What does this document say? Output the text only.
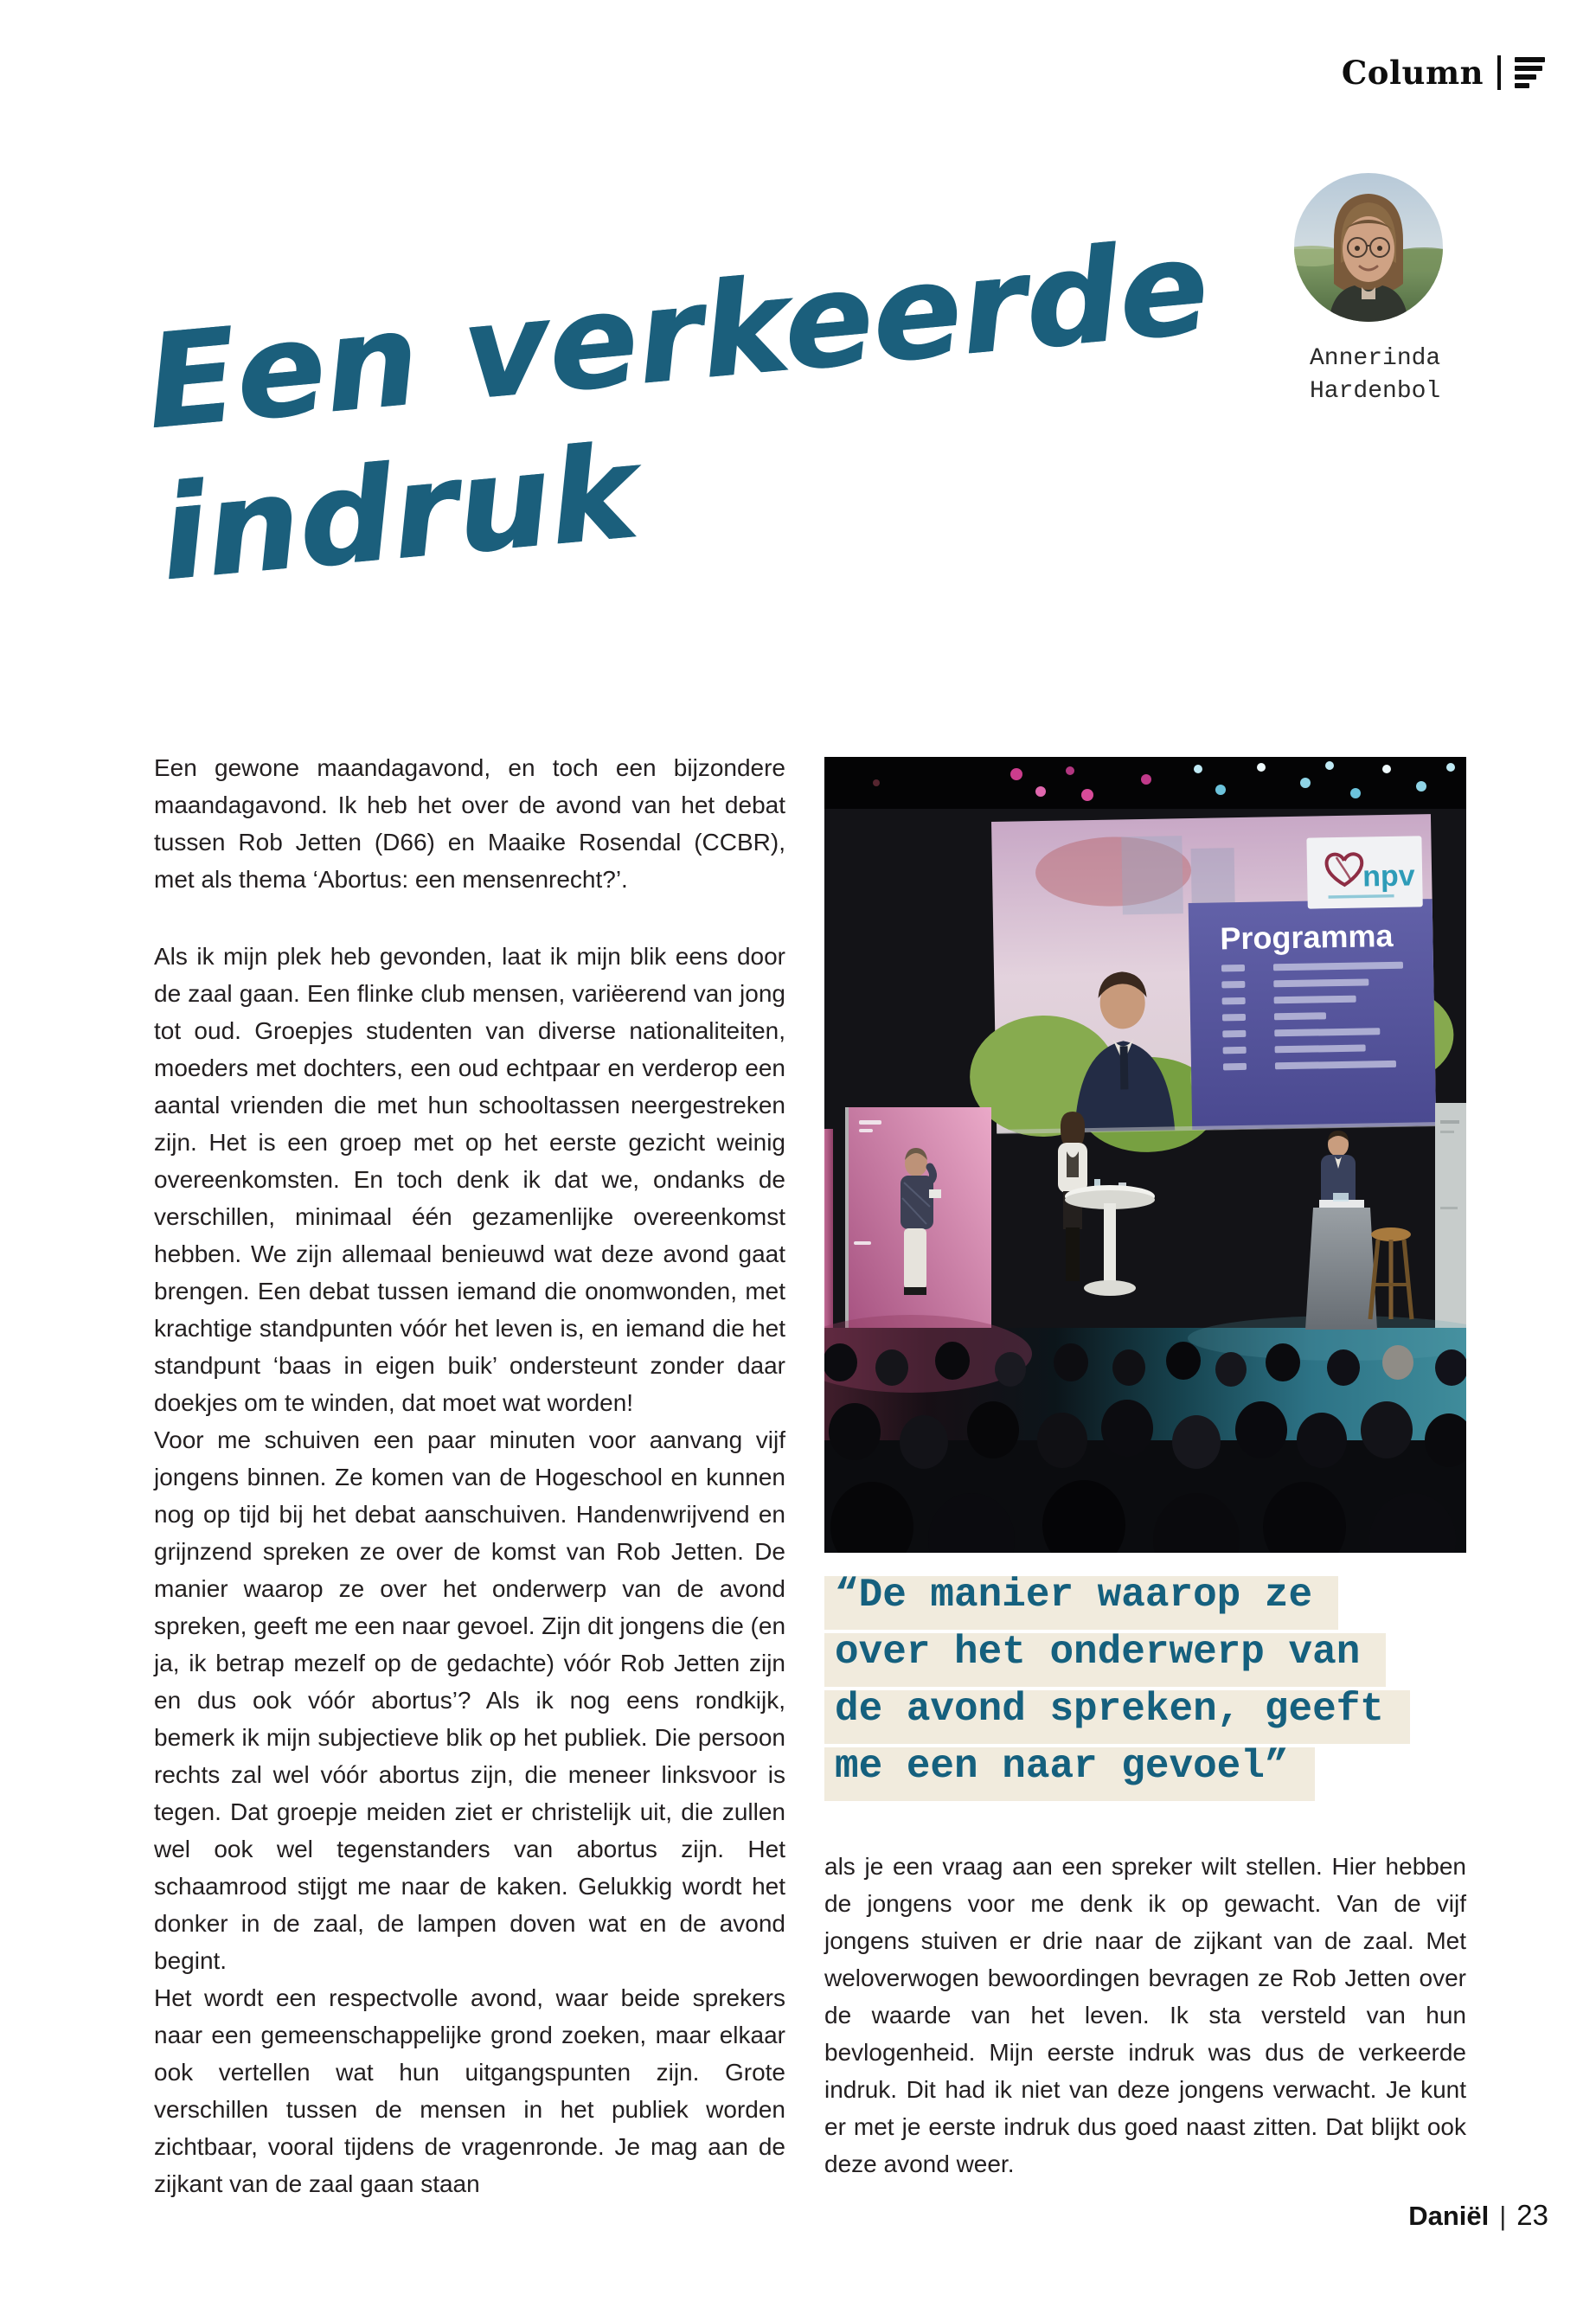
Column
Annerinda
Hardenbol
Een verkeerde
indruk

Een gewone maandagavond, en toch een bijzondere maandagavond. Ik heb het over de avond van het debat tussen Rob Jetten (D66) en Maaike Rosendal (CCBR), met als thema ‘Abortus: een mensenrecht?’.

Als ik mijn plek heb gevonden, laat ik mijn blik eens door de zaal gaan. Een flinke club mensen, variëerend van jong tot oud. Groepjes studenten van diverse nationaliteiten, moeders met dochters, een oud echtpaar en verderop een aantal vrienden die met hun schooltassen neergestreken zijn. Het is een groep met op het eerste gezicht weinig overeenkomsten. En toch denk ik dat we, ondanks de verschillen, minimaal één gezamenlijke overeenkomst hebben. We zijn allemaal benieuwd wat deze avond gaat brengen. Een debat tussen iemand die onomwonden, met krachtige standpunten vóór het leven is, en iemand die het standpunt ‘baas in eigen buik’ ondersteunt zonder daar doekjes om te winden, dat moet wat worden!

Voor me schuiven een paar minuten voor aanvang vijf jongens binnen. Ze komen van de Hogeschool en kunnen nog op tijd bij het debat aanschuiven. Handenwrijvend en grijnzend spreken ze over de komst van Rob Jetten. De manier waarop ze over het onderwerp van de avond spreken, geeft me een naar gevoel. Zijn dit jongens die (en ja, ik betrap mezelf op de gedachte) vóór Rob Jetten zijn en dus ook vóór abortus’? Als ik nog eens rondkijk, bemerk ik mijn subjectieve blik op het publiek. Die persoon rechts zal wel vóór abortus zijn, die meneer linksvoor is tegen. Dat groepje meiden ziet er christelijk uit, die zullen wel ook wel tegenstanders van abortus zijn. Het schaamrood stijgt me naar de kaken. Gelukkig wordt het donker in de zaal, de lampen doven wat en de avond begint.

Het wordt een respectvolle avond, waar beide sprekers naar een gemeenschappelijke grond zoeken, maar elkaar ook vertellen wat hun uitgangspunten zijn. Grote verschillen tussen de mensen in het publiek worden zichtbaar, vooral tijdens de vragenronde. Je mag aan de zijkant van de zaal gaan staan

npv
Programma
“De manier waarop ze
over het onderwerp van
de avond spreken, geeft
me een naar gevoel”

als je een vraag aan een spreker wilt stellen. Hier hebben de jongens voor me denk ik op gewacht. Van de vijf jongens stuiven er drie naar de zijkant van de zaal. Met weloverwogen bewoordingen bevragen ze Rob Jetten over de waarde van het leven. Ik sta versteld van hun bevlogenheid. Mijn eerste indruk was dus de verkeerde indruk. Dit had ik niet van deze jongens verwacht. Je kunt er met je eerste indruk dus goed naast zitten. Dat blijkt ook deze avond weer.

Daniël | 23
